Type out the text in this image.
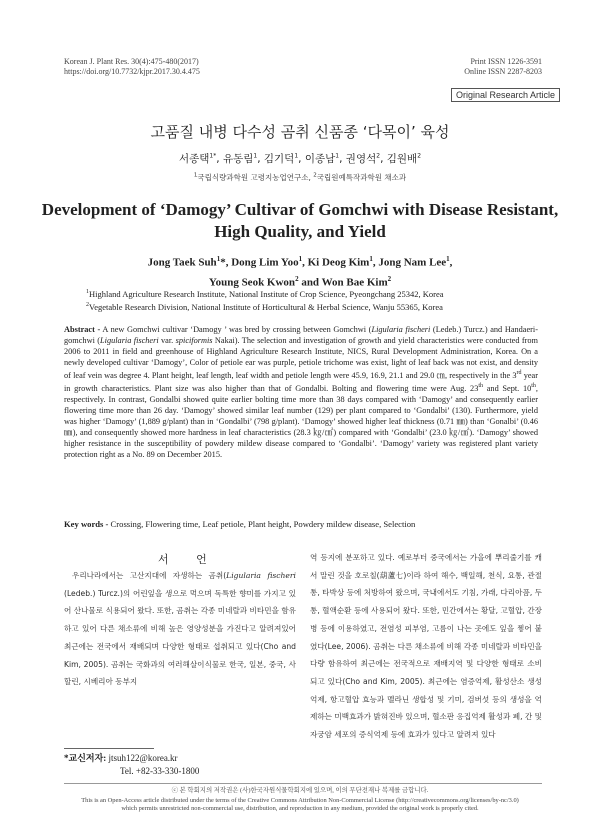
Korean J. Plant Res. 30(4):475-480(2017)
https://doi.org/10.7732/kjpr.2017.30.4.475
Print ISSN 1226-3591
Online ISSN 2287-8203
Original Research Article
고품질 내병 다수성 곰취 신품종 ‘다목이’ 육성
서종택$^{1*}$, 유동림$^1$, 김기덕$^1$, 이종남$^1$, 권영석$^2$, 김원배$^2$
$^1$국립식량과학원 고령지농업연구소, $^2$국립원예특작과학원 채소과
Development of ‘Damogy’ Cultivar of Gomchwi with Disease Resistant,
High Quality, and Yield
Jong Taek Suh$^1$*, Dong Lim Yoo$^1$, Ki Deog Kim$^1$, Jong Nam Lee$^1$,
Young Seok Kwon$^2$ and Won Bae Kim$^2$
$^1$Highland Agriculture Research Institute, National Institute of Crop Science, Pyeongchang 25342, Korea
$^2$Vegetable Research Division, National Institute of Horticultural & Herbal Science, Wanju 55365, Korea

Abstract - A new Gomchwi cultivar ‘Damogy ’ was bred by crossing between Gomchwi (Ligularia fischeri (Ledeb.) Turcz.) and Handaeri-gomchwi (Ligularia fischeri var. spiciformis Nakai). The selection and investigation of growth and yield characteristics were conducted from 2006 to 2011 in field and greenhouse of Highland Agriculture Research Institute, NICS, Rural Development Administration, Korea. On a newly developed cultivar ‘Damogy’, Color of petiole ear was purple, petiole trichome was exist, light of leaf back was not exist, and density of leaf vein was degree 4. Plant height, leaf length, leaf width and petiole length were 45.9, 16.9, 21.1 and 29.0 ㎝, respectively in the 3rd year in growth characteristics. Plant size was also higher than that of Gondalbi. Bolting and flowering time were Aug. 23th and Sept. 10th, respectively. In contrast, Gondalbi showed quite earlier bolting time more than 38 days compared with ‘Damogy’ and consequently earlier flowering time more than 26 day. ‘Damogy’ showed similar leaf number (129) per plant compared to ‘Gondalbi’ (130). Furthermore, yield was higher ‘Damogy’ (1,889 g/plant) than in ‘Gondalbi’ (798 g/plant). ‘Damogy’ showed higher leaf thickness (0.71 ㎜) than ‘Gonalbi’ (0.46 ㎜), and consequently showed more hardness in leaf characteristics (28.3 ㎏/㎠) compared with ‘Gondalbi’ (23.0 ㎏/㎠). ‘Damogy’ showed higher resistance in the susceptibility of powdery mildew disease compared to ‘Gondalbi’. ‘Damogy’ variety was registered plant variety protection right as a No. 89 on December 2015.

Key words - Crossing, Flowering time, Leaf petiole, Plant height, Powdery mildew disease, Selection
서 언

우리나라에서는 고산지대에 자생하는 곰취(Ligularia fischeri (Ledeb.) Turcz.)의 어린잎을 생으로 먹으며 독특한 향미를 가지고 있어 산나물로 식용되어 왔다. 또한, 곰취는 각종 미네랄과 비타민을 함유하고 있어 다른 채소류에 비해 높은 영양성분을 가진다고 알려져있어 최근에는 전국에서 재배되며 다양한 형태로 섭취되고 있다(Cho and Kim, 2005). 곰취는 국화과의 여러해살이식물로 한국, 일본, 중국, 사할린, 시베리아 동부지

역 등지에 분포하고 있다. 예로부터 중국에서는 가을에 뿌리줄기를 캐서 말린 것을 호로칠(葫蘆七)이라 하여 해수, 백일해, 천식, 요통, 관절통, 타박상 등에 처방하여 왔으며, 국내에서도 기침, 가래, 다리아픔, 두통, 혈액순환 등에 사용되어 왔다. 또한, 민간에서는 황달, 고혈압, 간장병 등에 이용하였고, 전염성 피부염, 고름이 나는 곳에도 잎을 찧어 붙였다(Lee, 2006). 곰취는 다른 채소류에 비해 각종 미네랄과 비타민을 다량 함유하여 최근에는 전국적으로 재배지역 및 다양한 형태로 소비되고 있다(Cho and Kim, 2005). 최근에는 염증억제, 활성산소 생성억제, 항고혈압 효능과 멜라닌 생합성 및 기미, 검버섯 등의 생성을 억제하는 미백효과가 밝혀진바 있으며, 혈소판 응집억제 활성과 폐, 간 및 자궁암 세포의 증식억제 등에 효과가 있다고 알려져 있다

*교신저자: jtsuh122@korea.kr
Tel. +82-33-330-1800
ⓒ 본 학회지의 저작권은 (사)한국자원식물학회지에 있으며, 이의 무단전재나 복제를 금합니다.
This is an Open-Access article distributed under the terms of the Creative Commons Attribution Non-Commercial License (http://creativecommons.org/licenses/by-nc/3.0)
which permits unrestricted non-commercial use, distribution, and reproduction in any medium, provided the original work is properly cited.
